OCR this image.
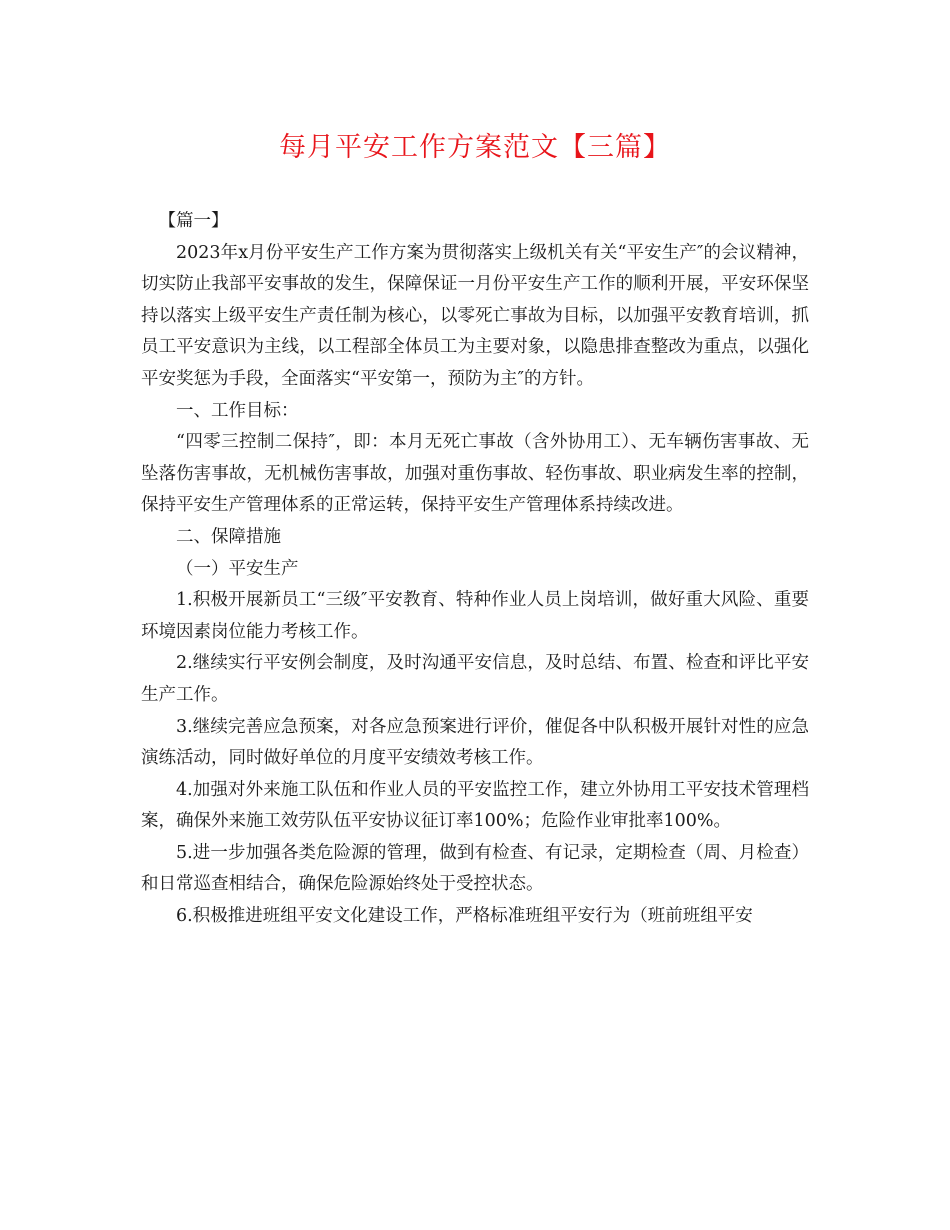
每月平安工作方案范文【三篇】

【篇一】

2023年x月份平安生产工作方案为贯彻落实上级机关有关“平安生产″的会议精神，切实防止我部平安事故的发生，保障保证一月份平安生产工作的顺利开展，平安环保坚持以落实上级平安生产责任制为核心，以零死亡事故为目标，以加强平安教育培训，抓员工平安意识为主线，以工程部全体员工为主要对象，以隐患排查整改为重点，以强化平安奖惩为手段，全面落实“平安第一，预防为主″的方针。

一、工作目标：

“四零三控制二保持″，即：本月无死亡事故（含外协用工）、无车辆伤害事故、无坠落伤害事故，无机械伤害事故，加强对重伤事故、轻伤事故、职业病发生率的控制，保持平安生产管理体系的正常运转，保持平安生产管理体系持续改进。

二、保障措施

（一）平安生产

1.积极开展新员工“三级″平安教育、特种作业人员上岗培训，做好重大风险、重要环境因素岗位能力考核工作。

2.继续实行平安例会制度，及时沟通平安信息，及时总结、布置、检查和评比平安生产工作。

3.继续完善应急预案，对各应急预案进行评价，催促各中队积极开展针对性的应急演练活动，同时做好单位的月度平安绩效考核工作。

4.加强对外来施工队伍和作业人员的平安监控工作，建立外协用工平安技术管理档案，确保外来施工效劳队伍平安协议征订率100%；危险作业审批率100%。

5.进一步加强各类危险源的管理，做到有检查、有记录，定期检查（周、月检查）和日常巡查相结合，确保危险源始终处于受控状态。

6.积极推进班组平安文化建设工作，严格标准班组平安行为（班前班组平安
